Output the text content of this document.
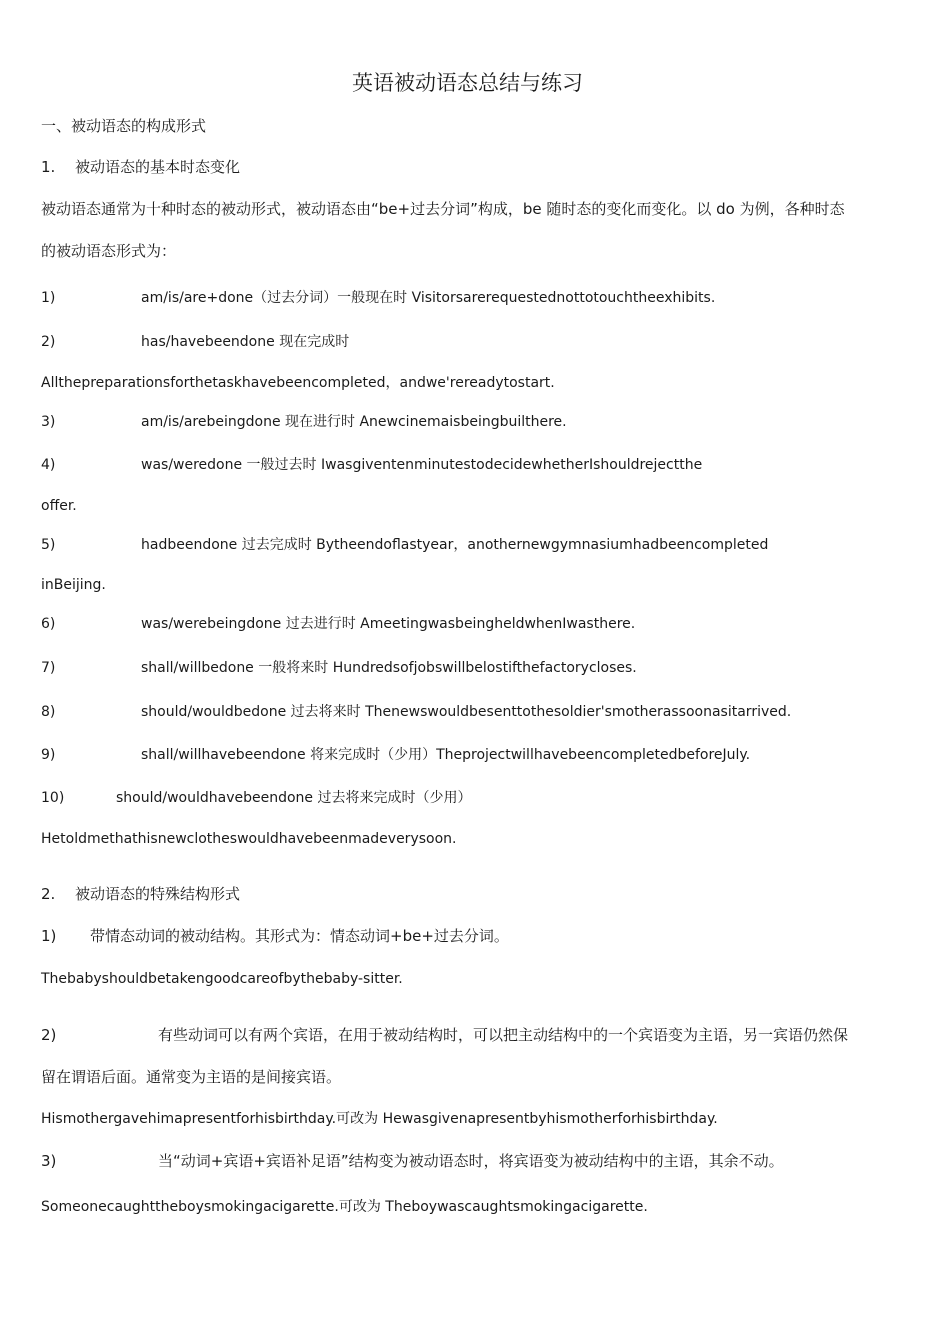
英语被动语态总结与练习
一、被动语态的构成形式
1. 被动语态的基本时态变化
被动语态通常为十种时态的被动形式，被动语态由“be+过去分词”构成，be 随时态的变化而变化。以 do 为例，各种时态
的被动语态形式为：
1)	am/is/are+done（过去分词）一般现在时 Visitorsarerequestednottotouchtheexhibits.
2)	has/havebeendone 现在完成时
Allthepreparationsforthetaskhavebeencompleted，andwe'rereadytostart.
3)	am/is/arebeingdone 现在进行时 Anewcinemaisbeingbuilthere.
4)	was/weredone 一般过去时 IwasgiventenminutestodecidewhetherIshouldrejectthe
offer.
5)	hadbeendone 过去完成时 Bytheendoflastyear，anothernewgymnasiumhadbeencompleted
inBeijing.
6)	was/werebeingdone 过去进行时 AmeetingwasbeingheldwhenIwasthere.
7)	shall/willbedone 一般将来时 Hundredsofjobswillbelostifthefactorycloses.
8)	should/wouldbedone 过去将来时 Thenewswouldbesenttothesoldier'smotherassoonasitarrived.
9)	shall/willhavebeendone 将来完成时（少用）TheprojectwillhavebeencompletedbeforeJuly.
10)	should/wouldhavebeendone 过去将来完成时（少用）
Hetoldmethathisnewclotheswouldhavebeenmadeverysoon.
2. 被动语态的特殊结构形式
1) 带情态动词的被动结构。其形式为：情态动词+be+过去分词。
Thebabyshouldbetakengoodcareofbythebaby-sitter.
2)	有些动词可以有两个宾语，在用于被动结构时，可以把主动结构中的一个宾语变为主语，另一宾语仍然保
留在谓语后面。通常变为主语的是间接宾语。
Hismothergavehimapresentforhisbirthday.可改为 Hewasgivenapresentbyhismotherforhisbirthday.
3)	当“动词+宾语+宾语补足语”结构变为被动语态时，将宾语变为被动结构中的主语，其余不动。
Someonecaughttheboysmokingacigarette.可改为 Theboywascaughtsmokingacigarette.
